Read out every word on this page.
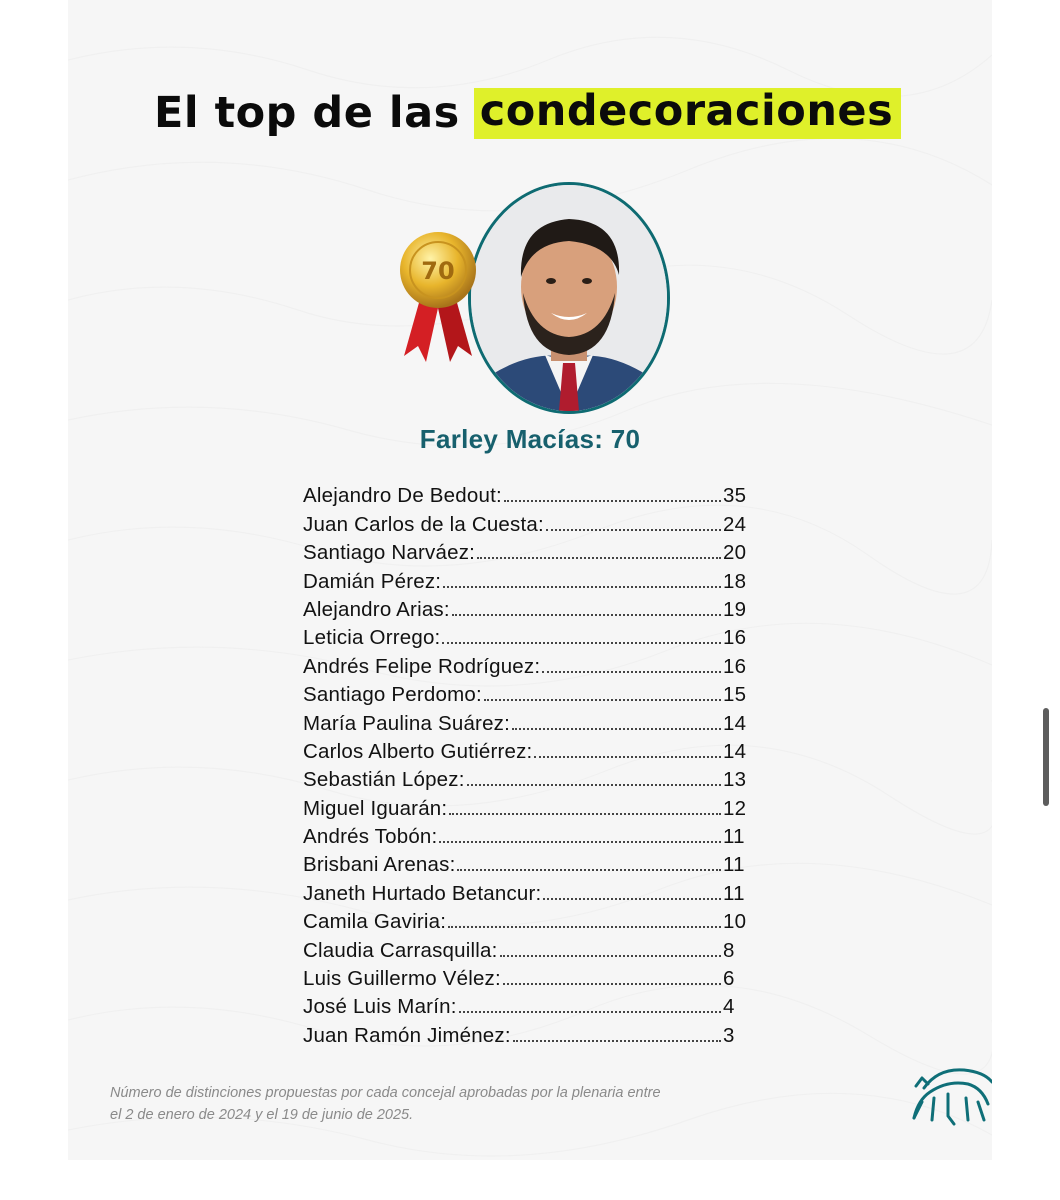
El top de las condecoraciones
70
Farley Macías: 70
Alejandro De Bedout:	35
Juan Carlos de la Cuesta:	24
Santiago Narváez:	20
Damián Pérez:	18
Alejandro Arias:	19
Leticia Orrego:	16
Andrés Felipe Rodríguez:	16
Santiago Perdomo:	15
María Paulina Suárez:	14
Carlos Alberto Gutiérrez:	14
Sebastián López:	13
Miguel Iguarán:	12
Andrés Tobón:	11
Brisbani Arenas:	11
Janeth Hurtado Betancur:	11
Camila Gaviria:	10
Claudia Carrasquilla:	8
Luis Guillermo Vélez:	6
José Luis Marín:	4
Juan Ramón Jiménez:	3
Número de distinciones propuestas por cada concejal aprobadas por la plenaria entre el 2 de enero de 2024 y el 19 de junio de 2025.
